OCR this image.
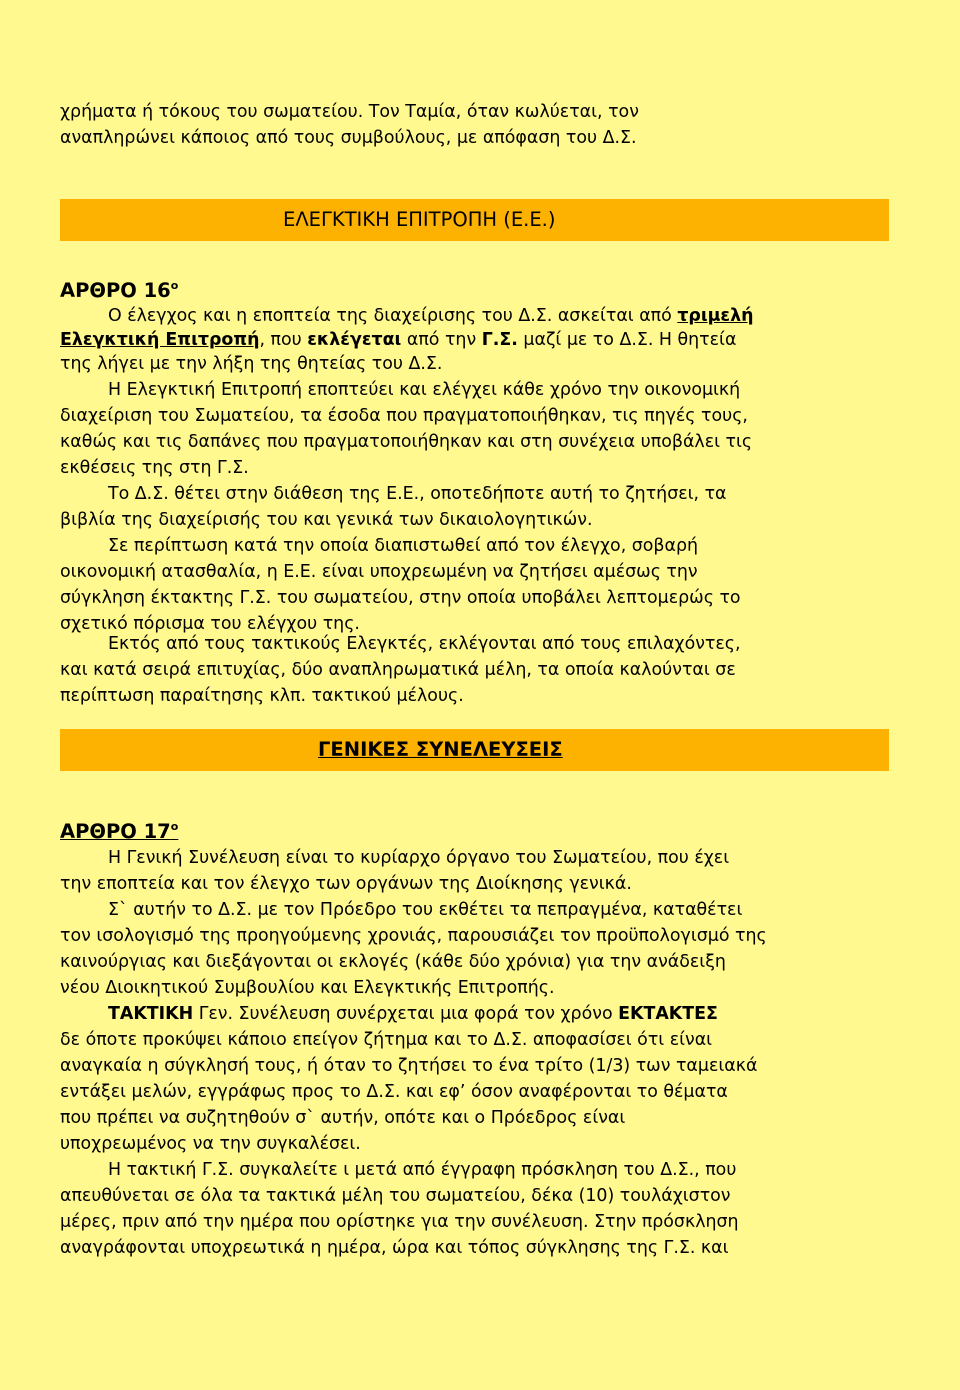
χρήματα ή τόκους του σωματείου. Τον Ταμία, όταν κωλύεται, τον
αναπληρώνει κάποιος από τους συμβούλους, με απόφαση του Δ.Σ.
ΕΛΕΓΚΤΙΚΗ ΕΠΙΤΡΟΠΗ (Ε.Ε.)
ΑΡΘΡΟ $16^o$
Ο έλεγχος και η εποπτεία της διαχείρισης του Δ.Σ. ασκείται από τριμελή
Ελεγκτική Επιτροπή, που εκλέγεται από την Γ.Σ. μαζί με το Δ.Σ. Η θητεία
της λήγει με την λήξη της θητείας του Δ.Σ.
Η Ελεγκτική Επιτροπή εποπτεύει και ελέγχει κάθε χρόνο την οικονομική
διαχείριση του Σωματείου, τα έσοδα που πραγματοποιήθηκαν, τις πηγές τους,
καθώς και τις δαπάνες που πραγματοποιήθηκαν και στη συνέχεια υποβάλει τις
εκθέσεις της στη Γ.Σ.
Το Δ.Σ. θέτει στην διάθεση της Ε.Ε., οποτεδήποτε αυτή το ζητήσει, τα
βιβλία της διαχείρισής του και γενικά των δικαιολογητικών.
Σε περίπτωση κατά την οποία διαπιστωθεί από τον έλεγχο, σοβαρή
οικονομική ατασθαλία, η Ε.Ε. είναι υποχρεωμένη να ζητήσει αμέσως την
σύγκληση έκτακτης Γ.Σ. του σωματείου, στην οποία υποβάλει λεπτομερώς το
σχετικό πόρισμα του ελέγχου της.
Εκτός από τους τακτικούς Ελεγκτές, εκλέγονται από τους επιλαχόντες,
και κατά σειρά επιτυχίας, δύο αναπληρωματικά μέλη, τα οποία καλούνται σε
περίπτωση παραίτησης κλπ. τακτικού μέλους.
ΓΕΝΙΚΕΣ ΣΥΝΕΛΕΥΣΕΙΣ
ΑΡΘΡΟ $17^o$
Η Γενική Συνέλευση είναι το κυρίαρχο όργανο του Σωματείου, που έχει
την εποπτεία και τον έλεγχο των οργάνων της Διοίκησης γενικά.
Σ` αυτήν το Δ.Σ. με τον Πρόεδρο του εκθέτει τα πεπραγμένα, καταθέτει
τον ισολογισμό της προηγούμενης χρονιάς, παρουσιάζει τον προϋπολογισμό της
καινούργιας και διεξάγονται οι εκλογές (κάθε δύο χρόνια) για την ανάδειξη
νέου Διοικητικού Συμβουλίου και Ελεγκτικής Επιτροπής.
ΤΑΚΤΙΚΗ Γεν. Συνέλευση συνέρχεται μια φορά τον χρόνο ΕΚΤΑΚΤΕΣ
δε όποτε προκύψει κάποιο επείγον ζήτημα και το Δ.Σ. αποφασίσει ότι είναι
αναγκαία η σύγκλησή τους, ή όταν το ζητήσει το ένα τρίτο (1/3) των ταμειακά
εντάξει μελών, εγγράφως προς το Δ.Σ. και εφ’ όσον αναφέρονται το θέματα
που πρέπει να συζητηθούν σ` αυτήν, οπότε και ο Πρόεδρος είναι
υποχρεωμένος να την συγκαλέσει.
Η τακτική Γ.Σ. συγκαλείτε ι μετά από έγγραφη πρόσκληση του Δ.Σ., που
απευθύνεται σε όλα τα τακτικά μέλη του σωματείου, δέκα (10) τουλάχιστον
μέρες, πριν από την ημέρα που ορίστηκε για την συνέλευση. Στην πρόσκληση
αναγράφονται υποχρεωτικά η ημέρα, ώρα και τόπος σύγκλησης της Γ.Σ. και
